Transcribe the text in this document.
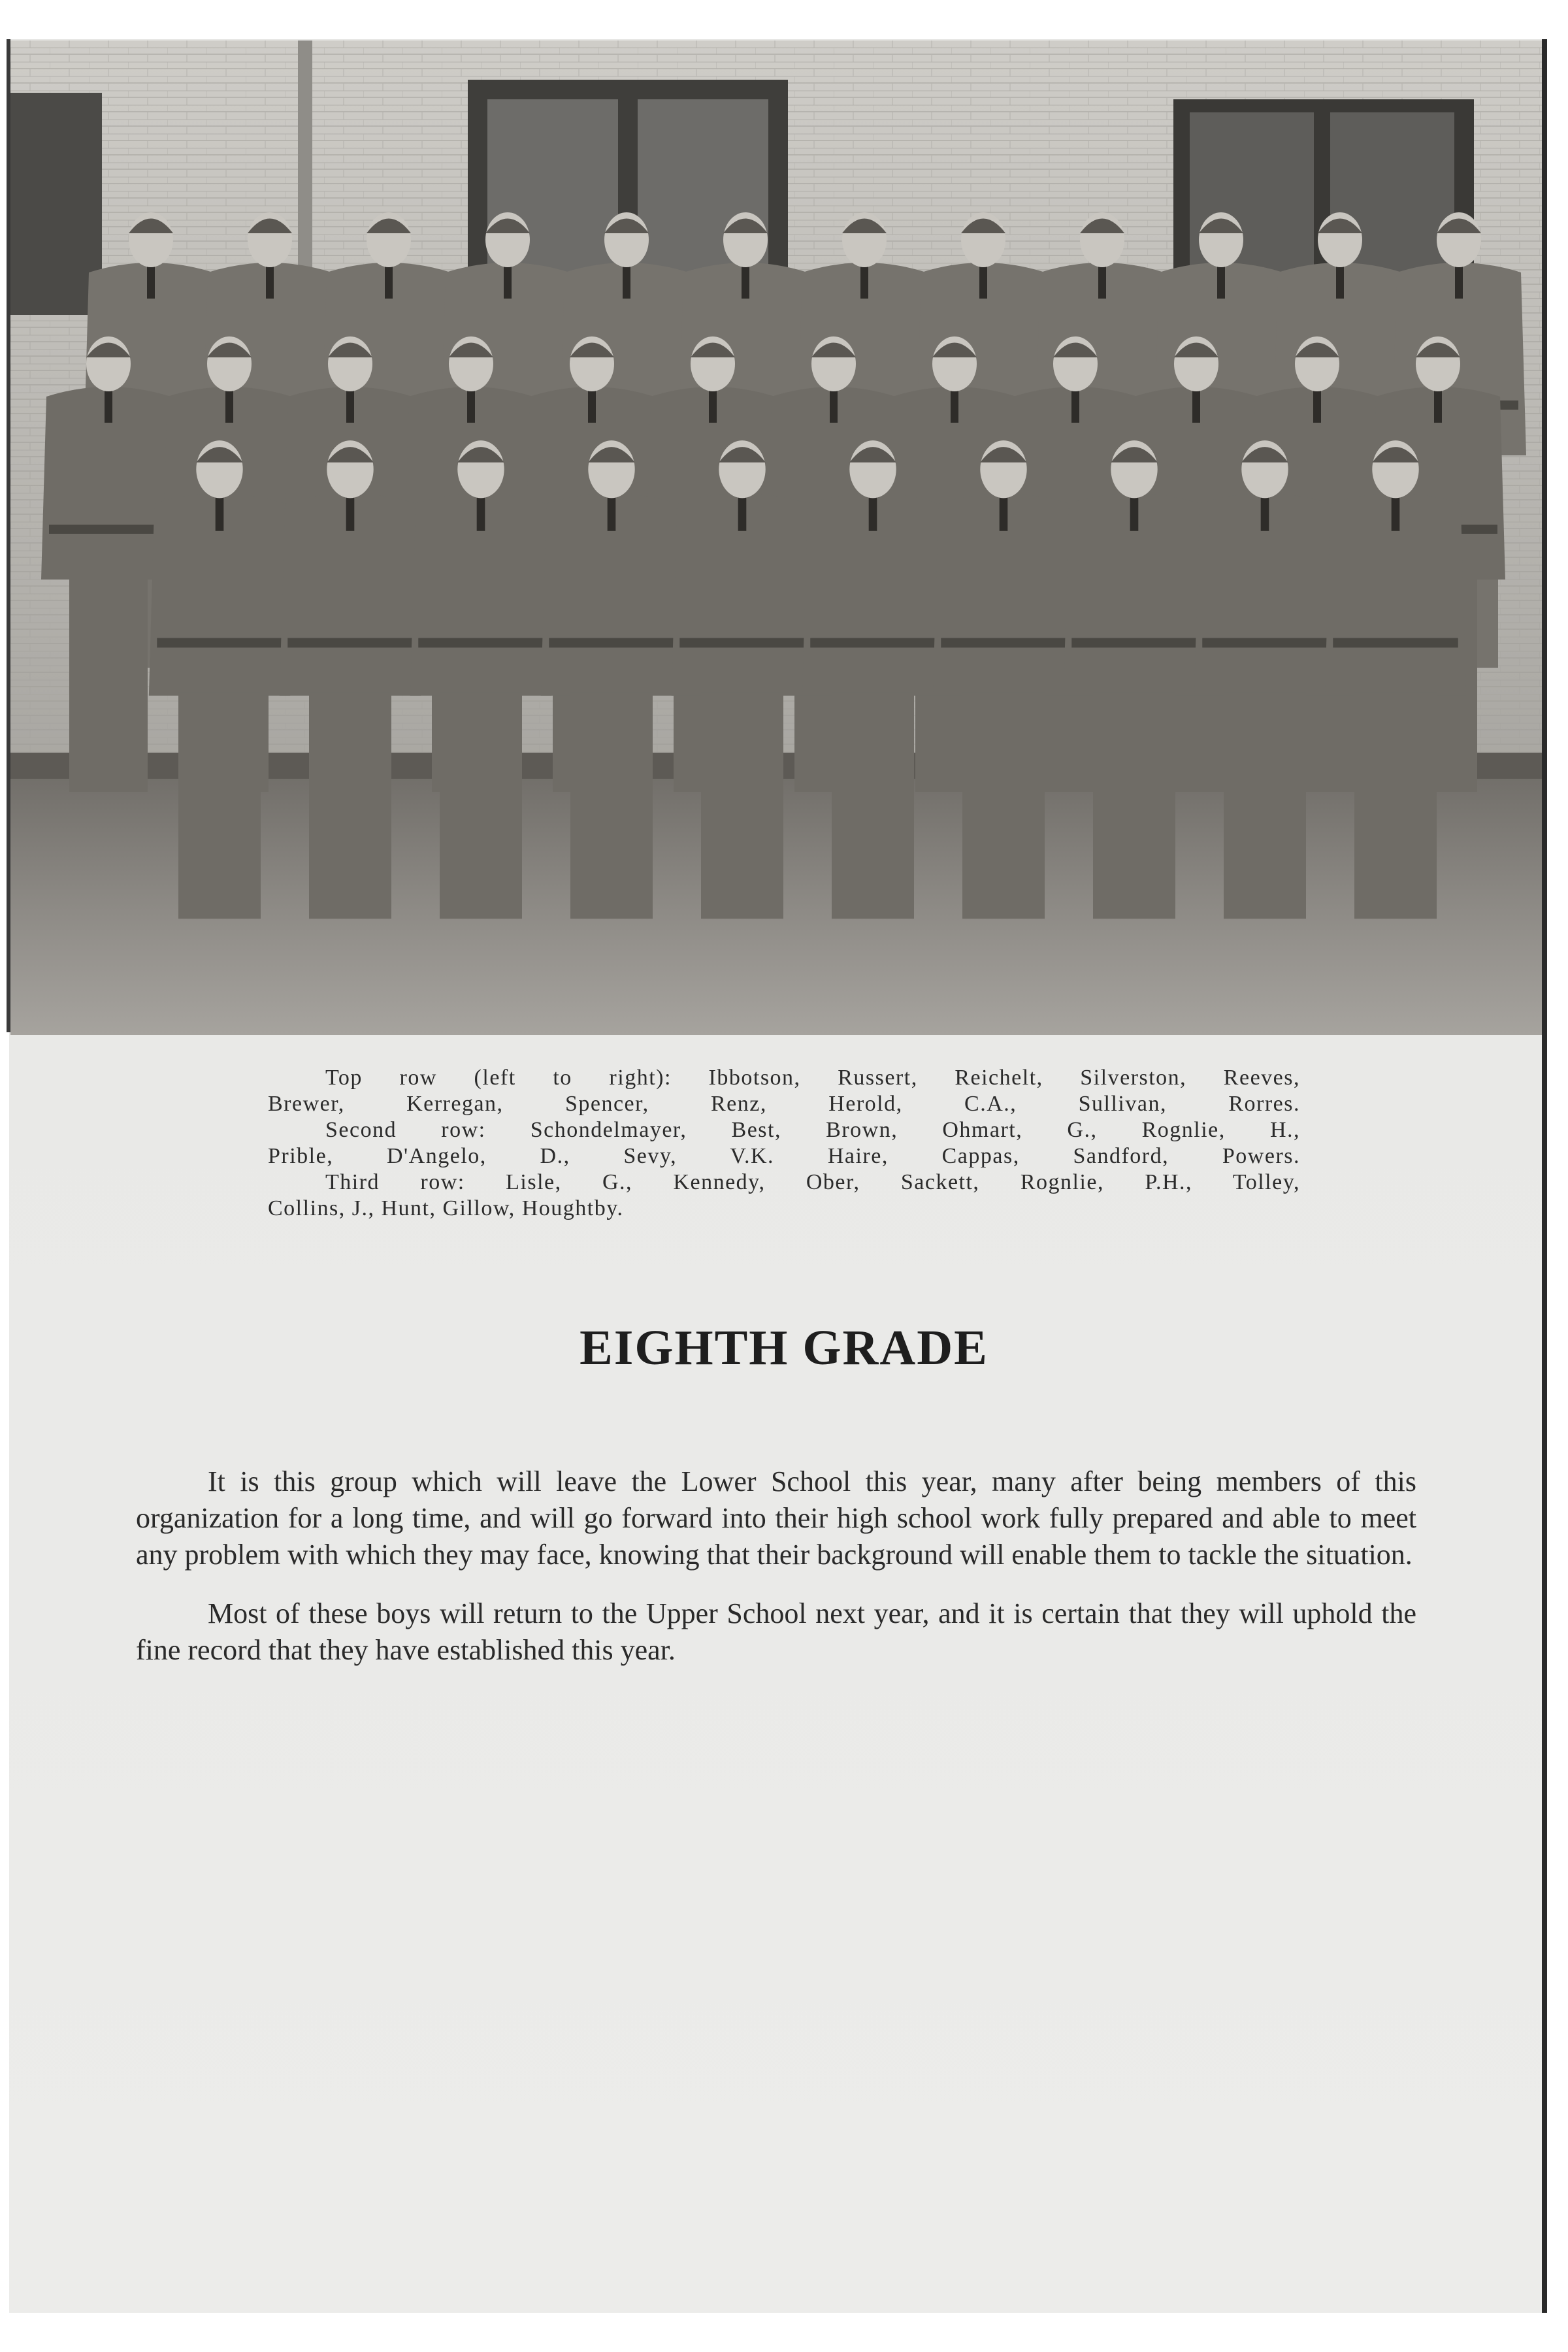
Top row (left to right): Ibbotson, Russert, Reichelt, Silverston, Reeves,
Brewer, Kerregan, Spencer, Renz, Herold, C.A., Sullivan, Rorres.
Second row: Schondelmayer, Best, Brown, Ohmart, G., Rognlie, H.,
Prible, D'Angelo, D., Sevy, V.K. Haire, Cappas, Sandford, Powers.
Third row: Lisle, G., Kennedy, Ober, Sackett, Rognlie, P.H., Tolley,
Collins, J., Hunt, Gillow, Houghtby.
EIGHTH GRADE

It is this group which will leave the Lower School this year, many after being members of this organization for a long time, and will go forward into their high school work fully prepared and able to meet any problem with which they may face, knowing that their background will enable them to tackle the situation.

Most of these boys will return to the Upper School next year, and it is certain that they will uphold the fine record that they have established this year.
